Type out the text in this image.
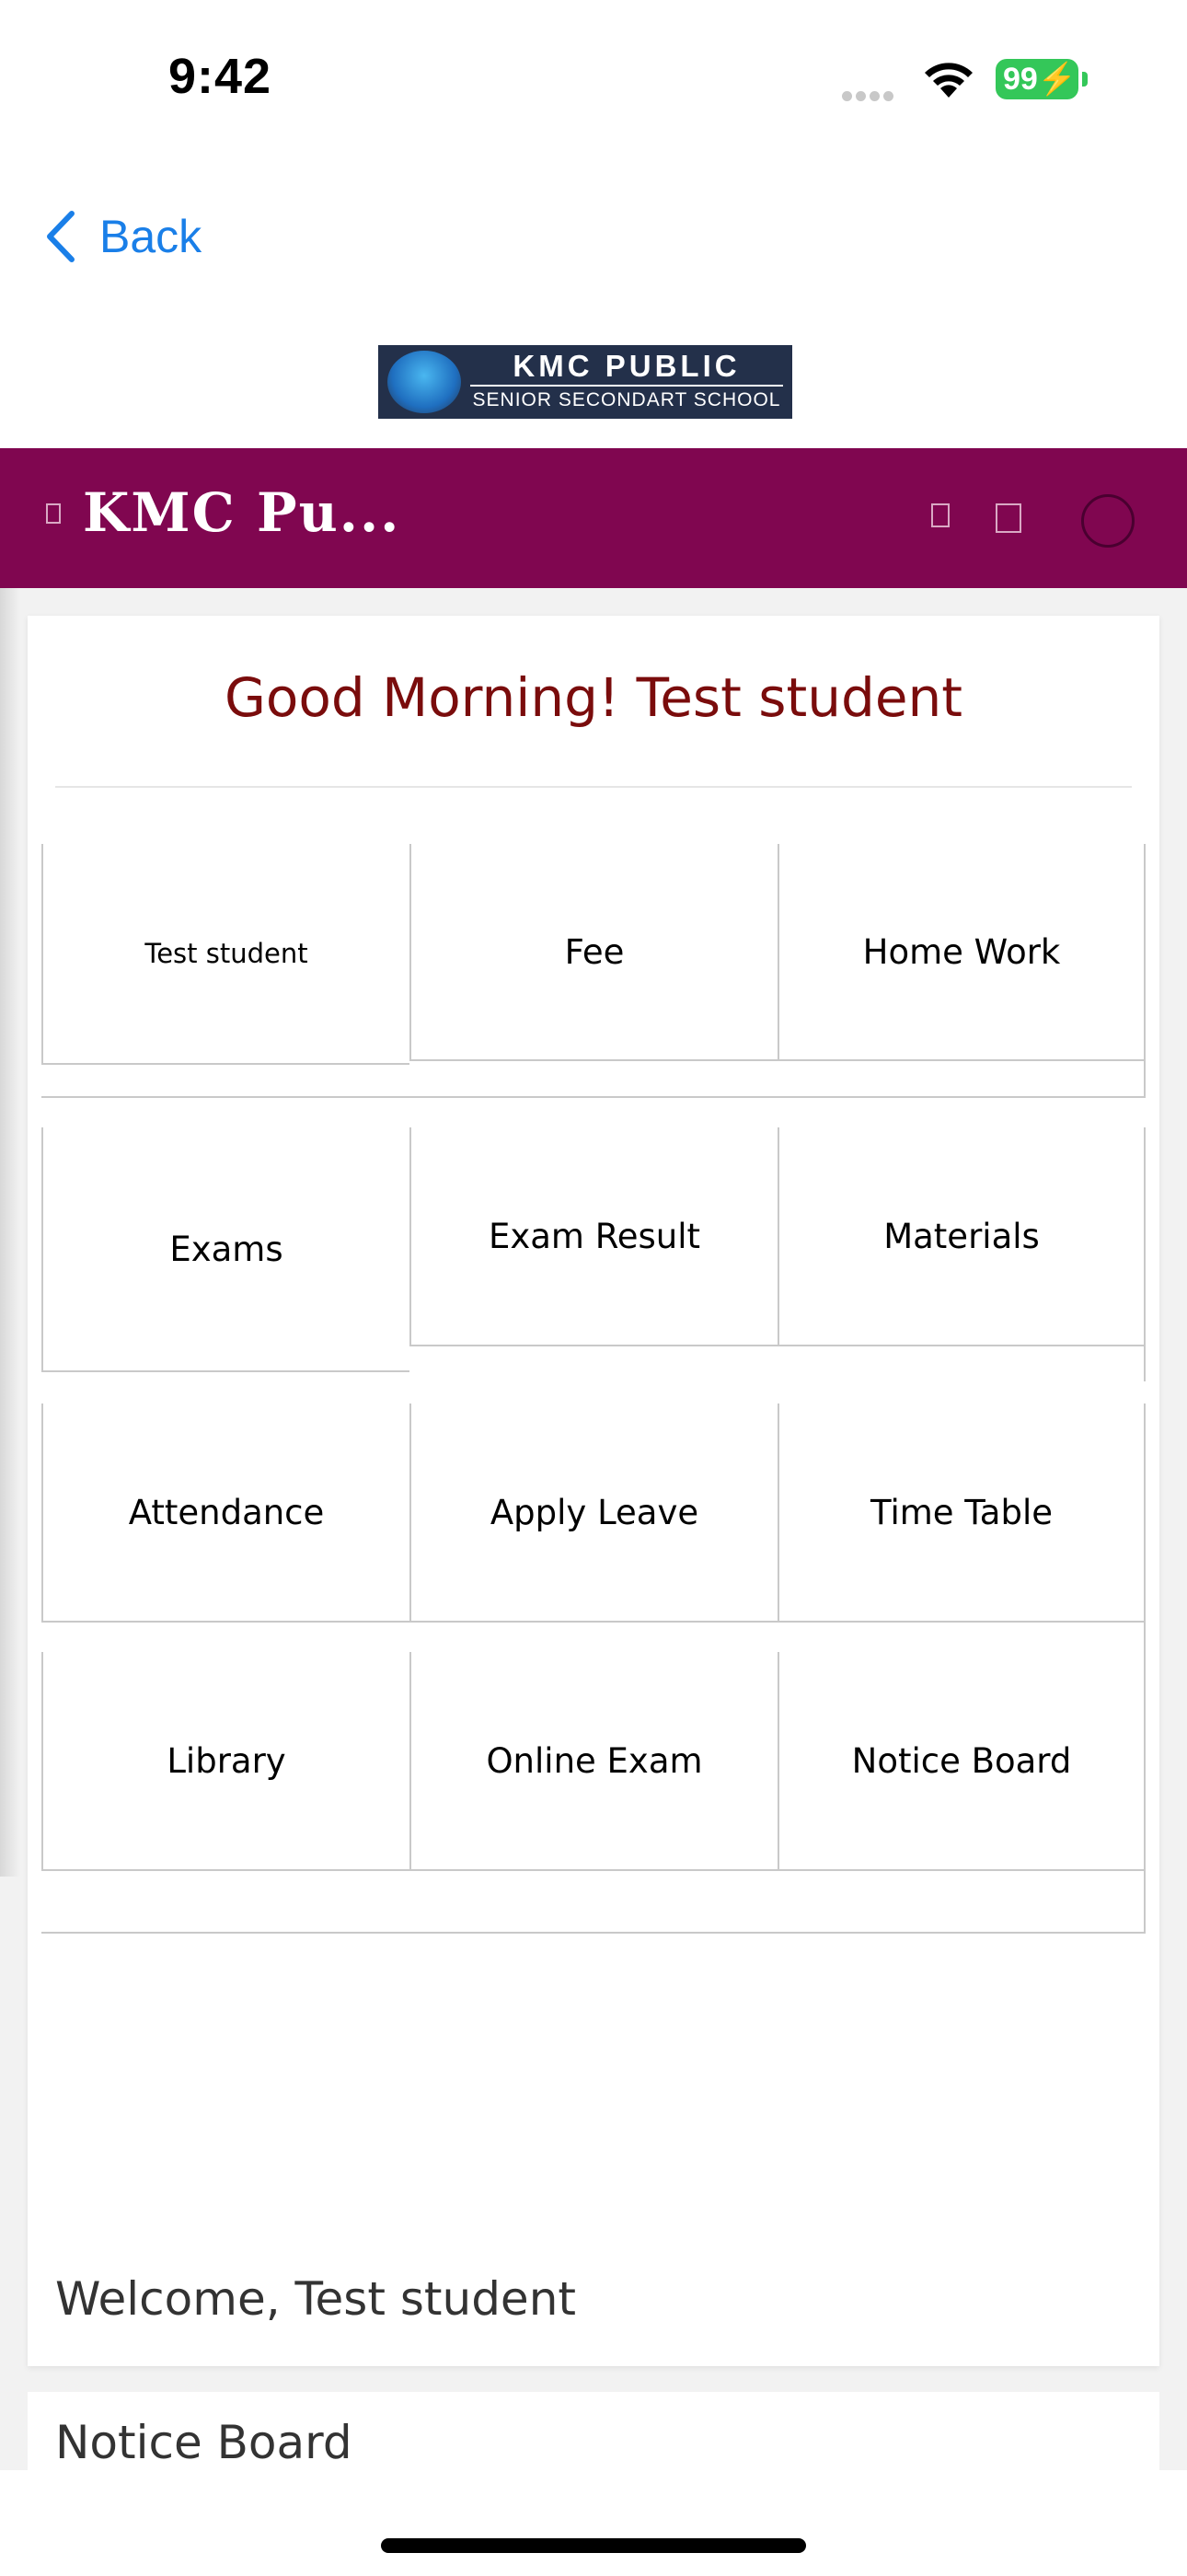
9:42	99⚡
Back
KMC PUBLIC
SENIOR SECONDART SCHOOL
KMC Pu...
Good Morning! Test student
Test student	Fee	Home Work
Exams	Exam Result	Materials
Attendance	Apply Leave	Time Table
Library	Online Exam	Notice Board
Welcome, Test student
Notice Board
